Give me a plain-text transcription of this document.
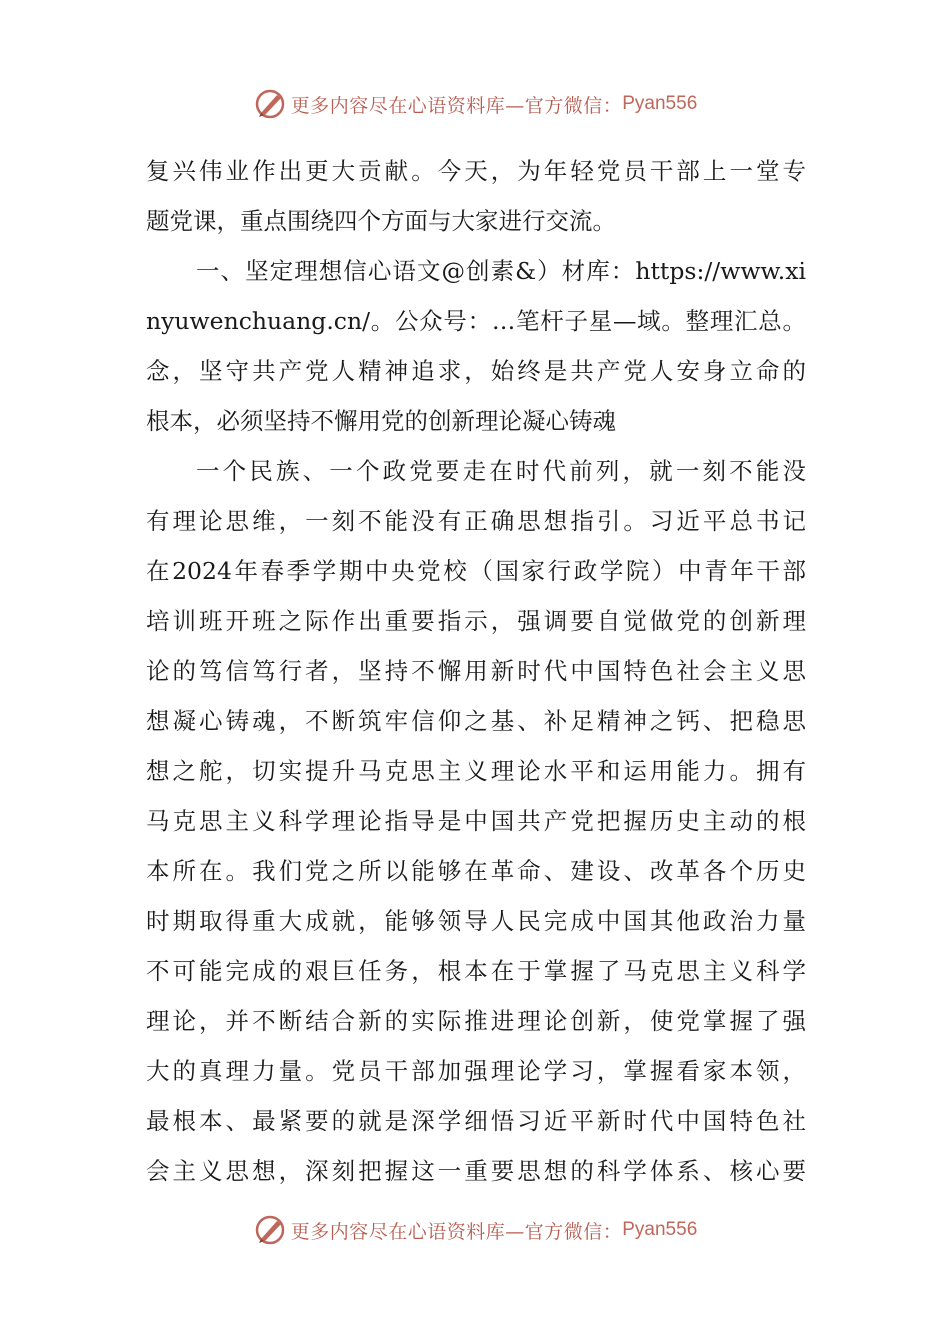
更多内容尽在心语资料库—官方微信： Pyan556
复兴伟业作出更大贡献。今天，为年轻党员干部上一堂专
题党课，重点围绕四个方面与大家进行交流。
一、坚定理想信心语文@创素&）材库：https://www.xi
nyuwenchuang.cn/。公众号：…笔杆子星—域。整理汇总。
念，坚守共产党人精神追求，始终是共产党人安身立命的
根本，必须坚持不懈用党的创新理论凝心铸魂
一个民族、一个政党要走在时代前列，就一刻不能没
有理论思维，一刻不能没有正确思想指引。习近平总书记
在2024年春季学期中央党校（国家行政学院）中青年干部
培训班开班之际作出重要指示，强调要自觉做党的创新理
论的笃信笃行者，坚持不懈用新时代中国特色社会主义思
想凝心铸魂，不断筑牢信仰之基、补足精神之钙、把稳思
想之舵，切实提升马克思主义理论水平和运用能力。拥有
马克思主义科学理论指导是中国共产党把握历史主动的根
本所在。我们党之所以能够在革命、建设、改革各个历史
时期取得重大成就，能够领导人民完成中国其他政治力量
不可能完成的艰巨任务，根本在于掌握了马克思主义科学
理论，并不断结合新的实际推进理论创新，使党掌握了强
大的真理力量。党员干部加强理论学习，掌握看家本领，
最根本、最紧要的就是深学细悟习近平新时代中国特色社
会主义思想，深刻把握这一重要思想的科学体系、核心要
更多内容尽在心语资料库—官方微信： Pyan556
